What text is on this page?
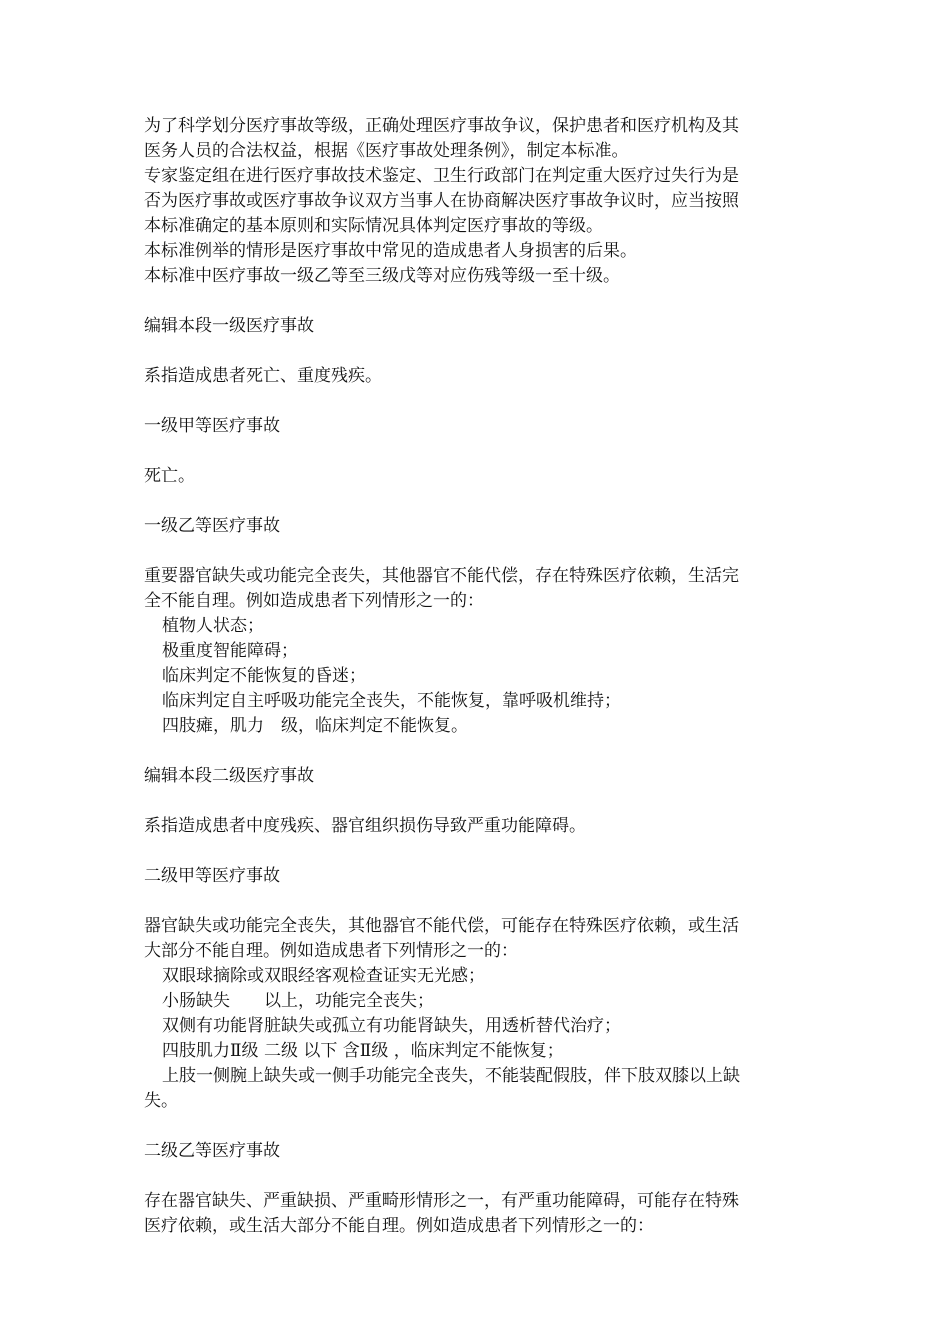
为了科学划分医疗事故等级，正确处理医疗事故争议，保护患者和医疗机构及其

医务人员的合法权益，根据《医疗事故处理条例》，制定本标准。

专家鉴定组在进行医疗事故技术鉴定、卫生行政部门在判定重大医疗过失行为是

否为医疗事故或医疗事故争议双方当事人在协商解决医疗事故争议时，应当按照

本标准确定的基本原则和实际情况具体判定医疗事故的等级。

本标准例举的情形是医疗事故中常见的造成患者人身损害的后果。

本标准中医疗事故一级乙等至三级戊等对应伤残等级一至十级。

编辑本段一级医疗事故

系指造成患者死亡、重度残疾。

一级甲等医疗事故

死亡。

一级乙等医疗事故

重要器官缺失或功能完全丧失，其他器官不能代偿，存在特殊医疗依赖，生活完

全不能自理。例如造成患者下列情形之一的：

植物人状态；

极重度智能障碍；

临床判定不能恢复的昏迷；

临床判定自主呼吸功能完全丧失，不能恢复，靠呼吸机维持；

四肢瘫，肌力　级，临床判定不能恢复。

编辑本段二级医疗事故

系指造成患者中度残疾、器官组织损伤导致严重功能障碍。

二级甲等医疗事故

器官缺失或功能完全丧失，其他器官不能代偿，可能存在特殊医疗依赖，或生活

大部分不能自理。例如造成患者下列情形之一的：

双眼球摘除或双眼经客观检查证实无光感；

小肠缺失　　以上，功能完全丧失；

双侧有功能肾脏缺失或孤立有功能肾缺失，用透析替代治疗；

四肢肌力Ⅱ级 二级 以下 含Ⅱ级 ，临床判定不能恢复；

上肢一侧腕上缺失或一侧手功能完全丧失，不能装配假肢，伴下肢双膝以上缺

失。

二级乙等医疗事故

存在器官缺失、严重缺损、严重畸形情形之一，有严重功能障碍，可能存在特殊

医疗依赖，或生活大部分不能自理。例如造成患者下列情形之一的：
